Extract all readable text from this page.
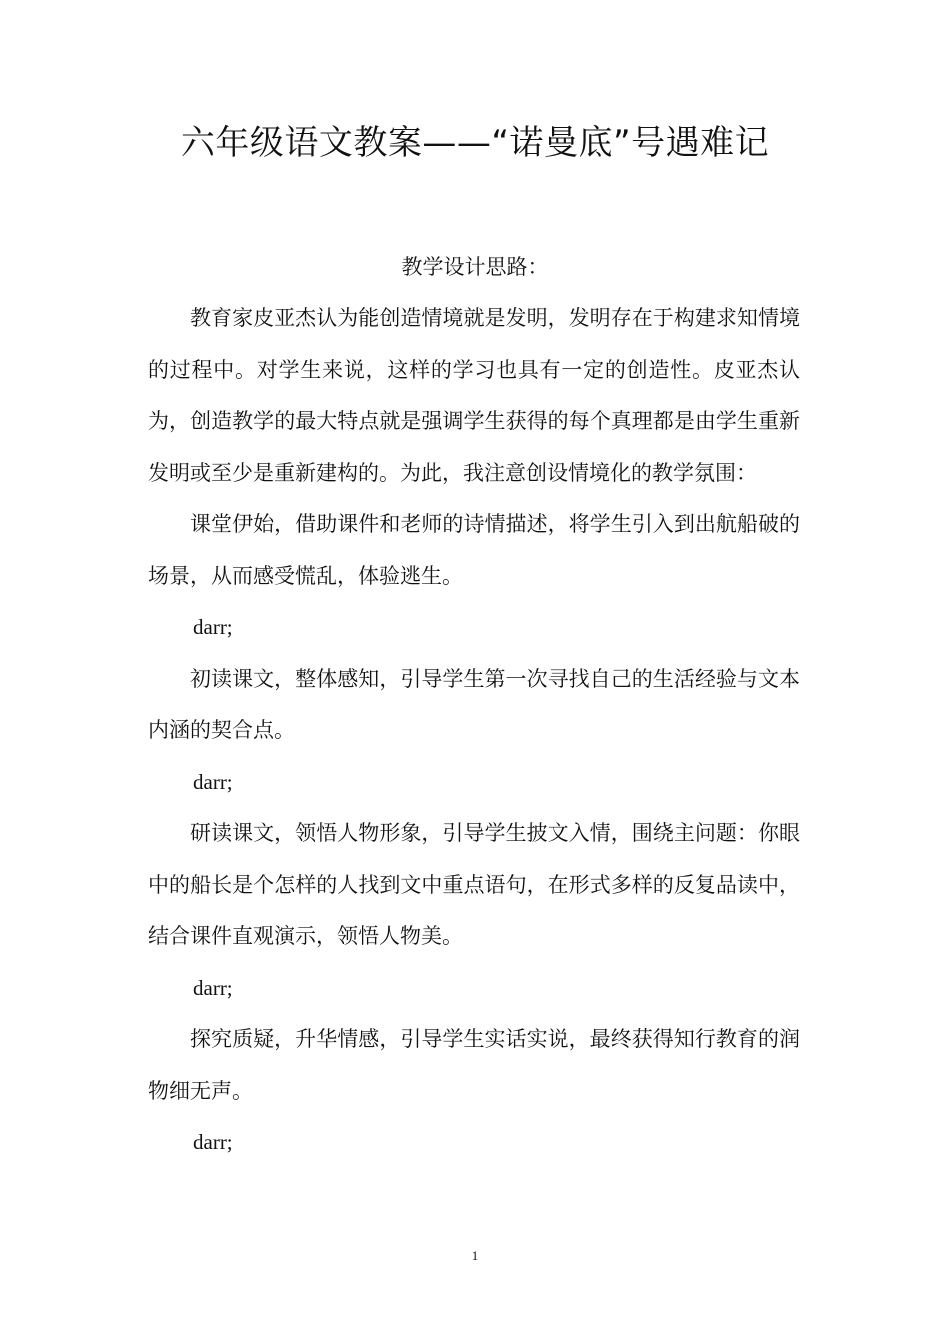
六年级语文教案——“诺曼底”号遇难记
教学设计思路：

教育家皮亚杰认为能创造情境就是发明，发明存在于构建求知情境的过程中。对学生来说，这样的学习也具有一定的创造性。皮亚杰认为，创造教学的最大特点就是强调学生获得的每个真理都是由学生重新发明或至少是重新建构的。为此，我注意创设情境化的教学氛围：

课堂伊始，借助课件和老师的诗情描述，将学生引入到出航船破的场景，从而感受慌乱，体验逃生。

darr;

初读课文，整体感知，引导学生第一次寻找自己的生活经验与文本内涵的契合点。

darr;

研读课文，领悟人物形象，引导学生披文入情，围绕主问题：你眼中的船长是个怎样的人找到文中重点语句，在形式多样的反复品读中，结合课件直观演示，领悟人物美。

darr;

探究质疑，升华情感，引导学生实话实说，最终获得知行教育的润物细无声。

darr;

1
